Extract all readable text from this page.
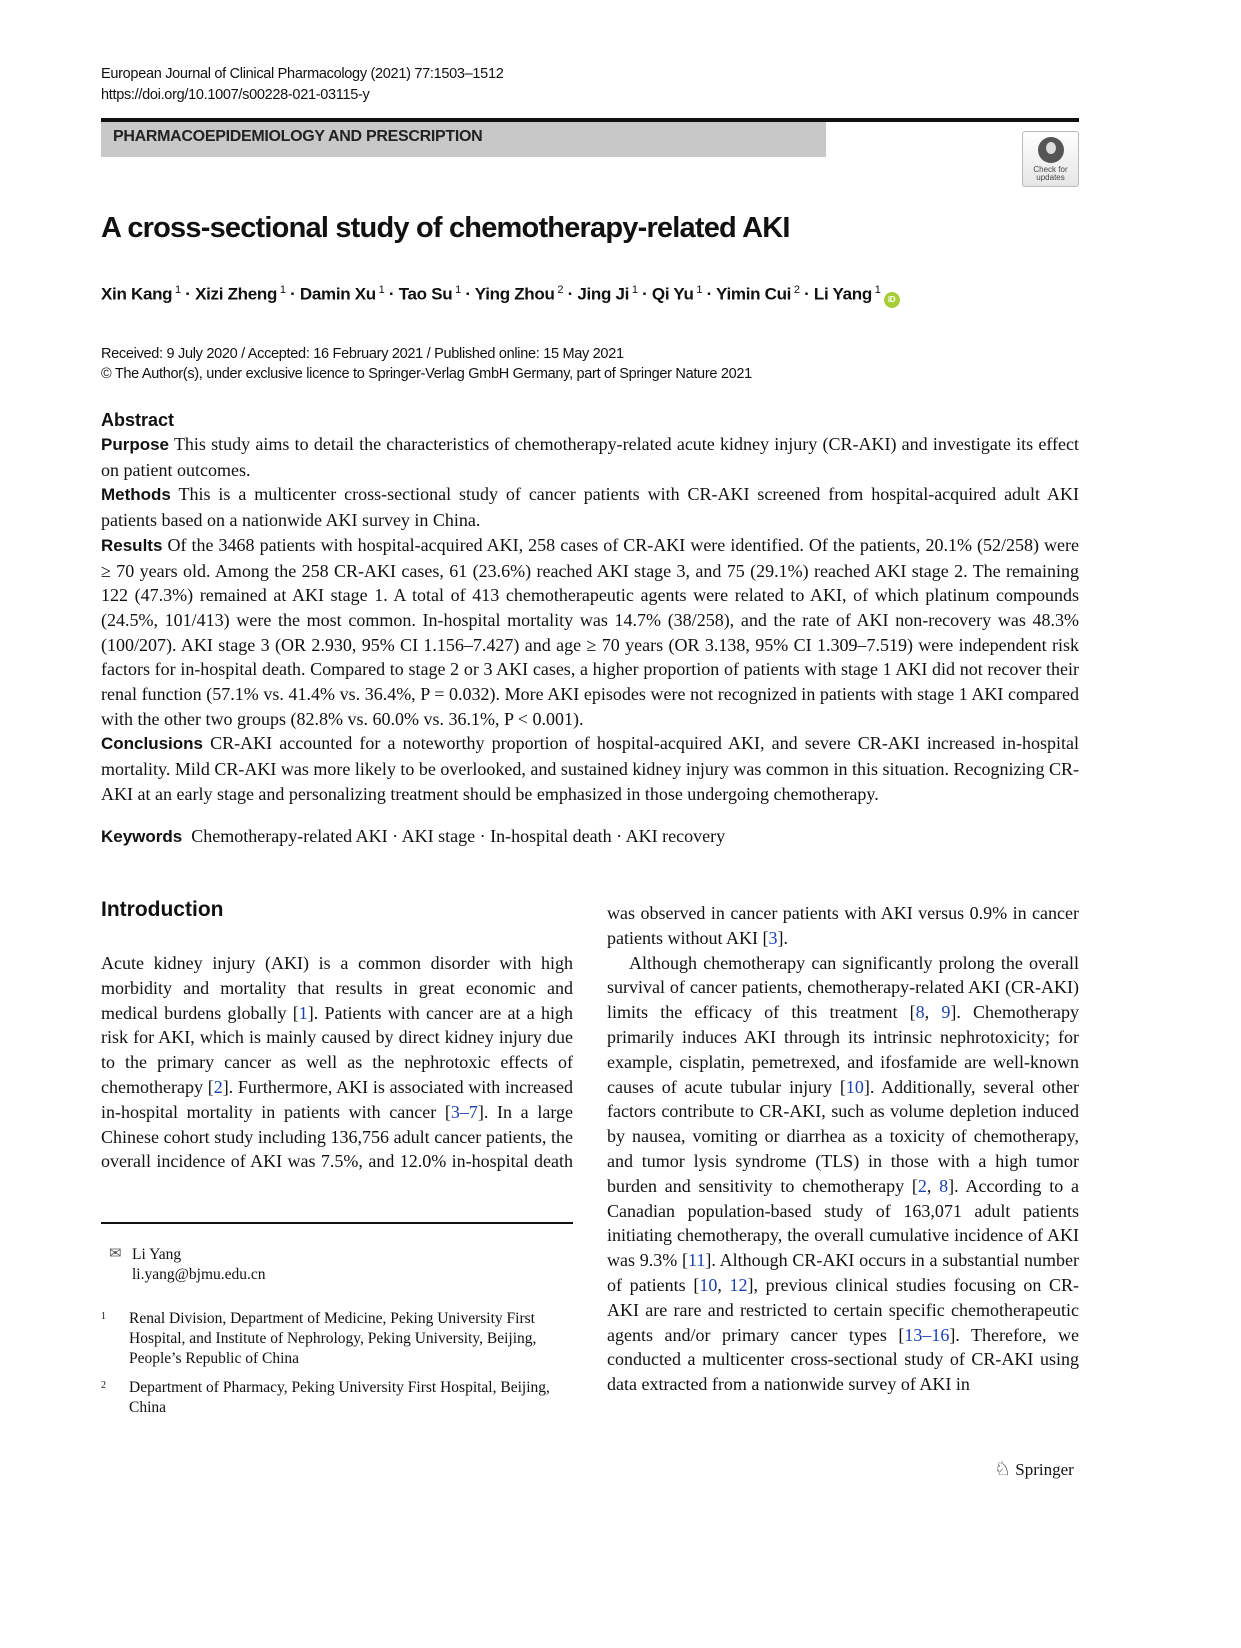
European Journal of Clinical Pharmacology (2021) 77:1503–1512
https://doi.org/10.1007/s00228-021-03115-y
PHARMACOEPIDEMIOLOGY AND PRESCRIPTION
Check for
updates
A cross-sectional study of chemotherapy-related AKI
Xin Kang $^1$ · Xizi Zheng $^1$ · Damin Xu $^1$ · Tao Su $^1$ · Ying Zhou $^2$ · Jing Ji $^1$ · Qi Yu $^1$ · Yimin Cui $^2$ · Li Yang $^1$iD
Received: 9 July 2020 / Accepted: 16 February 2021 / Published online: 15 May 2021
© The Author(s), under exclusive licence to Springer-Verlag GmbH Germany, part of Springer Nature 2021
Abstract

Purpose This study aims to detail the characteristics of chemotherapy-related acute kidney injury (CR-AKI) and investigate its effect on patient outcomes.

Methods This is a multicenter cross-sectional study of cancer patients with CR-AKI screened from hospital-acquired adult AKI patients based on a nationwide AKI survey in China.

Results Of the 3468 patients with hospital-acquired AKI, 258 cases of CR-AKI were identified. Of the patients, 20.1% (52/258) were ≥ 70 years old. Among the 258 CR-AKI cases, 61 (23.6%) reached AKI stage 3, and 75 (29.1%) reached AKI stage 2. The remaining 122 (47.3%) remained at AKI stage 1. A total of 413 chemotherapeutic agents were related to AKI, of which platinum compounds (24.5%, 101/413) were the most common. In-hospital mortality was 14.7% (38/258), and the rate of AKI non-recovery was 48.3% (100/207). AKI stage 3 (OR 2.930, 95% CI 1.156–7.427) and age ≥ 70 years (OR 3.138, 95% CI 1.309–7.519) were independent risk factors for in-hospital death. Compared to stage 2 or 3 AKI cases, a higher proportion of patients with stage 1 AKI did not recover their renal function (57.1% vs. 41.4% vs. 36.4%, P = 0.032). More AKI episodes were not recognized in patients with stage 1 AKI compared with the other two groups (82.8% vs. 60.0% vs. 36.1%, P < 0.001).

Conclusions CR-AKI accounted for a noteworthy proportion of hospital-acquired AKI, and severe CR-AKI increased in-hospital mortality. Mild CR-AKI was more likely to be overlooked, and sustained kidney injury was common in this situation. Recognizing CR-AKI at an early stage and personalizing treatment should be emphasized in those undergoing chemotherapy.

Keywords Chemotherapy-related AKI · AKI stage · In-hospital death · AKI recovery
Introduction
✉ Li Yang
li.yang@bjmu.edu.cn
1	Renal Division, Department of Medicine, Peking University First Hospital, and Institute of Nephrology, Peking University, Beijing, People’s Republic of China
2	Department of Pharmacy, Peking University First Hospital, Beijing, China
♘ Springer

Acute kidney injury (AKI) is a common disorder with high morbidity and mortality that results in great economic and medical burdens globally [1]. Patients with cancer are at a high risk for AKI, which is mainly caused by direct kidney injury due to the primary cancer as well as the nephrotoxic effects of chemotherapy [2]. Furthermore, AKI is associated with increased in-hospital mortality in patients with cancer [3–7]. In a large Chinese cohort study including 136,756 adult cancer patients, the overall incidence of AKI was 7.5%, and 12.0% in-hospital death

was observed in cancer patients with AKI versus 0.9% in cancer patients without AKI [3].

Although chemotherapy can significantly prolong the overall survival of cancer patients, chemotherapy-related AKI (CR-AKI) limits the efficacy of this treatment [8, 9]. Chemotherapy primarily induces AKI through its intrinsic nephrotoxicity; for example, cisplatin, pemetrexed, and ifosfamide are well-known causes of acute tubular injury [10]. Additionally, several other factors contribute to CR-AKI, such as volume depletion induced by nausea, vomiting or diarrhea as a toxicity of chemotherapy, and tumor lysis syndrome (TLS) in those with a high tumor burden and sensitivity to chemotherapy [2, 8]. According to a Canadian population-based study of 163,071 adult patients initiating chemotherapy, the overall cumulative incidence of AKI was 9.3% [11]. Although CR-AKI occurs in a substantial number of patients [10, 12], previous clinical studies focusing on CR-AKI are rare and restricted to certain specific chemotherapeutic agents and/or primary cancer types [13–16]. Therefore, we conducted a multicenter cross-sectional study of CR-AKI using data extracted from a nationwide survey of AKI in
